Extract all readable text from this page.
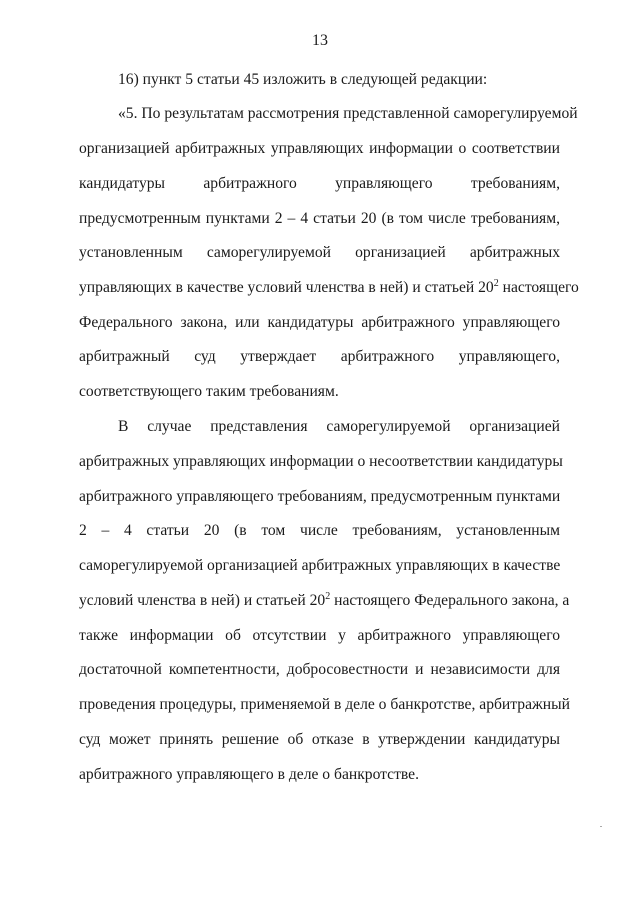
13
16) пункт 5 статьи 45 изложить в следующей редакции:
«5. По результатам рассмотрения представленной саморегулируемой
организацией арбитражных управляющих информации о соответствии
кандидатуры арбитражного управляющего требованиям,
предусмотренным пунктами 2 – 4 статьи 20 (в том числе требованиям,
установленным саморегулируемой организацией арбитражных
управляющих в качестве условий членства в ней) и статьей $20^2$ настоящего
Федерального закона, или кандидатуры арбитражного управляющего
арбитражный суд утверждает арбитражного управляющего,
соответствующего таким требованиям.
В случае представления саморегулируемой организацией
арбитражных управляющих информации о несоответствии кандидатуры
арбитражного управляющего требованиям, предусмотренным пунктами
2 – 4 статьи 20 (в том числе требованиям, установленным
саморегулируемой организацией арбитражных управляющих в качестве
условий членства в ней) и статьей $20^2$ настоящего Федерального закона, а
также информации об отсутствии у арбитражного управляющего
достаточной компетентности, добросовестности и независимости для
проведения процедуры, применяемой в деле о банкротстве, арбитражный
суд может принять решение об отказе в утверждении кандидатуры
арбитражного управляющего в деле о банкротстве.
